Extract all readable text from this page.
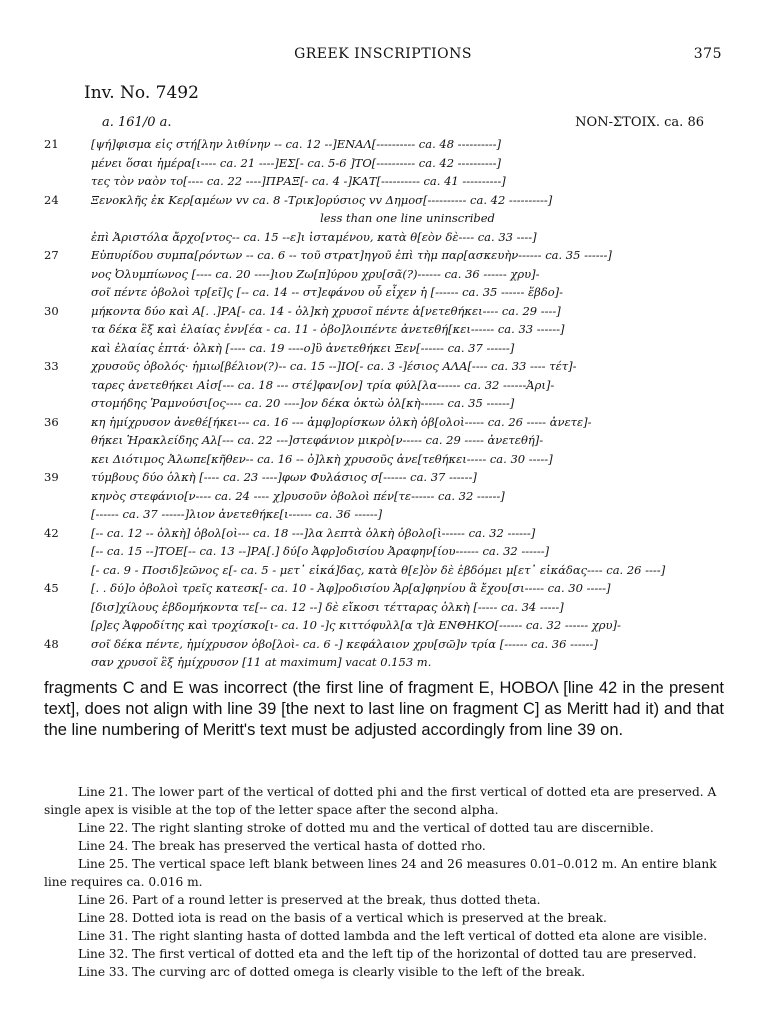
GREEK INSCRIPTIONS	375
Inv. No. 7492
a. 161/0 a.	NON-ΣΤΟΙΧ. ca. 86
21	[ψή]φισμα εἰς στή[λην λιθίνην -- ca. 12 --]ΕΝΑΛ[---------- ca. 48 ----------]
μένει ὅσαι ἡμέρα[ι---- ca. 21 ----]ΕΣ[- ca. 5-6 ]ΤΟ[---------- ca. 42 ----------]
τες τὸν ναὸν το[---- ca. 22 ----]ΠΡΑΞ[- ca. 4 -]ΚΑΤ[---------- ca. 41 ----------]
24	Ξενοκλῆς ἐκ Κερ[αμέων vv ca. 8 -Τρικ]ορύσιος vv Δημοσ[---------- ca. 42 ----------]
less than one line uninscribed
ἐπὶ Ἀριστόλα ἄρχο[ντος-- ca. 15 --ε]ι ἱσταμένου, κατὰ θ[εὸν δὲ---- ca. 33 ----]
27	Εὐπυρίδου συμπα[ρόντων -- ca. 6 -- τοῦ στρατ]ηγοῦ ἐπὶ τὴμ παρ[ασκευὴν------ ca. 35 ------]
νος Ὀλυμπίωνος [---- ca. 20 ----]ιου Ζω[π]ύρου χρυ[σᾶ(?)------ ca. 36 ------ χρυ]-
σοῖ πέντε ὀβολοὶ τρ[εῖ]ς [-- ca. 14 -- στ]εφάνου οὗ εἶχεν ἡ [------ ca. 35 ------ ἕβδο]-
30	μήκοντα δύο καὶ Α[. .]ΡΑ[- ca. 14 - ὁλ]κὴ χρυσοῖ πέντε ἀ[νετεθήκει---- ca. 29 ----]
τα δέκα ἓξ καὶ ἐλαίας ἐνν[έα - ca. 11 - ὀβο]λοιπέντε ἀνετεθή[κει------ ca. 33 ------]
καὶ ἐλαίας ἑπτά· ὁλκὴ [---- ca. 19 ----ο]ὓ ἀνετεθήκει Ξεν[------ ca. 37 ------]
33	χρυσοῦς ὀβολός· ἡμιω[βέλιον(?)-- ca. 15 --]ΙΟ[- ca. 3 -]έσιος ΑΛΑ[---- ca. 33 ---- τέτ]-
ταρες ἀνετεθήκει Αἰσ[--- ca. 18 --- στέ]φαν[ον] τρία φύλ[λα------ ca. 32 ------Ἀρι]-
στομήδης Ῥαμνούσι[ος---- ca. 20 ----]ον δέκα ὀκτὼ ὁλ[κὴ------ ca. 35 ------]
36	κη ἡμίχρυσον ἀνεθέ[ήκει--- ca. 16 --- ἀμφ]ορίσκων ὁλκὴ ὀβ[ολοὶ----- ca. 26 ----- ἀνετε]-
θήκει Ἡρακλείδης Αλ[--- ca. 22 ---]στεφάνιον μικρὸ[ν----- ca. 29 ----- ἀνετεθή]-
κει Διότιμος Ἀλωπε[κῆθεν-- ca. 16 -- ὁ]λκὴ χρυσοῦς ἀνε[τεθήκει----- ca. 30 -----]
39	τύμβους δύο ὁλκὴ [---- ca. 23 ----]φων Φυλάσιος σ[------ ca. 37 ------]
κηνὸς στεφάνιο[ν---- ca. 24 ---- χ]ρυσοῦν ὀβολοὶ πέν[τε------ ca. 32 ------]
[------ ca. 37 ------]λιον ἀνετεθήκε[ι------ ca. 36 ------]
42	[-- ca. 12 -- ὁλκὴ] ὀβολ[οὶ--- ca. 18 ---]λα λεπτὰ ὁλκὴ ὀβολο[ὶ------ ca. 32 ------]
[-- ca. 15 --]ΤΟΕ[-- ca. 13 --]ΡΑ[.] δύ[ο Ἀφρ]οδισίου Ἀραφην[ίου------ ca. 32 ------]
[- ca. 9 - Ποσιδ]εῶνος ε[- ca. 5 - μετ᾽ εἰκά]δας, κατὰ θ[ε]ὸν δὲ ἑβδόμει μ[ετ᾽ εἰκάδας---- ca. 26 ----]
45	[. . δύ]ο ὀβολοὶ τρεῖς κατεσκ[- ca. 10 - Ἀφ]ροδισίου Ἀρ[α]φηνίου ἃ ἔχου[σι----- ca. 30 -----]
[δισ]χίλους ἑβδομήκοντα τε[-- ca. 12 --] δὲ εἴκοσι τέτταρας ὁλκὴ [----- ca. 34 -----]
[ρ]ες Ἀφροδίτης καὶ τροχίσκο[ι- ca. 10 -]ς κιττόφυλλ[α τ]ὰ ΕΝΘΗΚΟ[------ ca. 32 ------ χρυ]-
48	σοῖ δέκα πέντε, ἡμίχρυσον ὀβο[λοὶ- ca. 6 -] κεφάλαιον χρυ[σῶ]ν τρία [------ ca. 36 ------]
σαν χρυσοῖ ἓξ ἡμίχρυσον [11 at maximum] vacat 0.153 m.
fragments C and E was incorrect (the first line of fragment E, ΗΟΒΟΛ [line 42 in the present text], does not align with line 39 [the next to last line on fragment C] as Meritt had it) and that the line numbering of Meritt's text must be adjusted accordingly from line 39 on.
Line 21. The lower part of the vertical of dotted phi and the first vertical of dotted eta are preserved. A single apex is visible at the top of the letter space after the second alpha.
Line 22. The right slanting stroke of dotted mu and the vertical of dotted tau are discernible.
Line 24. The break has preserved the vertical hasta of dotted rho.
Line 25. The vertical space left blank between lines 24 and 26 measures 0.01–0.012 m. An entire blank line requires ca. 0.016 m.
Line 26. Part of a round letter is preserved at the break, thus dotted theta.
Line 28. Dotted iota is read on the basis of a vertical which is preserved at the break.
Line 31. The right slanting hasta of dotted lambda and the left vertical of dotted eta alone are visible.
Line 32. The first vertical of dotted eta and the left tip of the horizontal of dotted tau are preserved.
Line 33. The curving arc of dotted omega is clearly visible to the left of the break.
